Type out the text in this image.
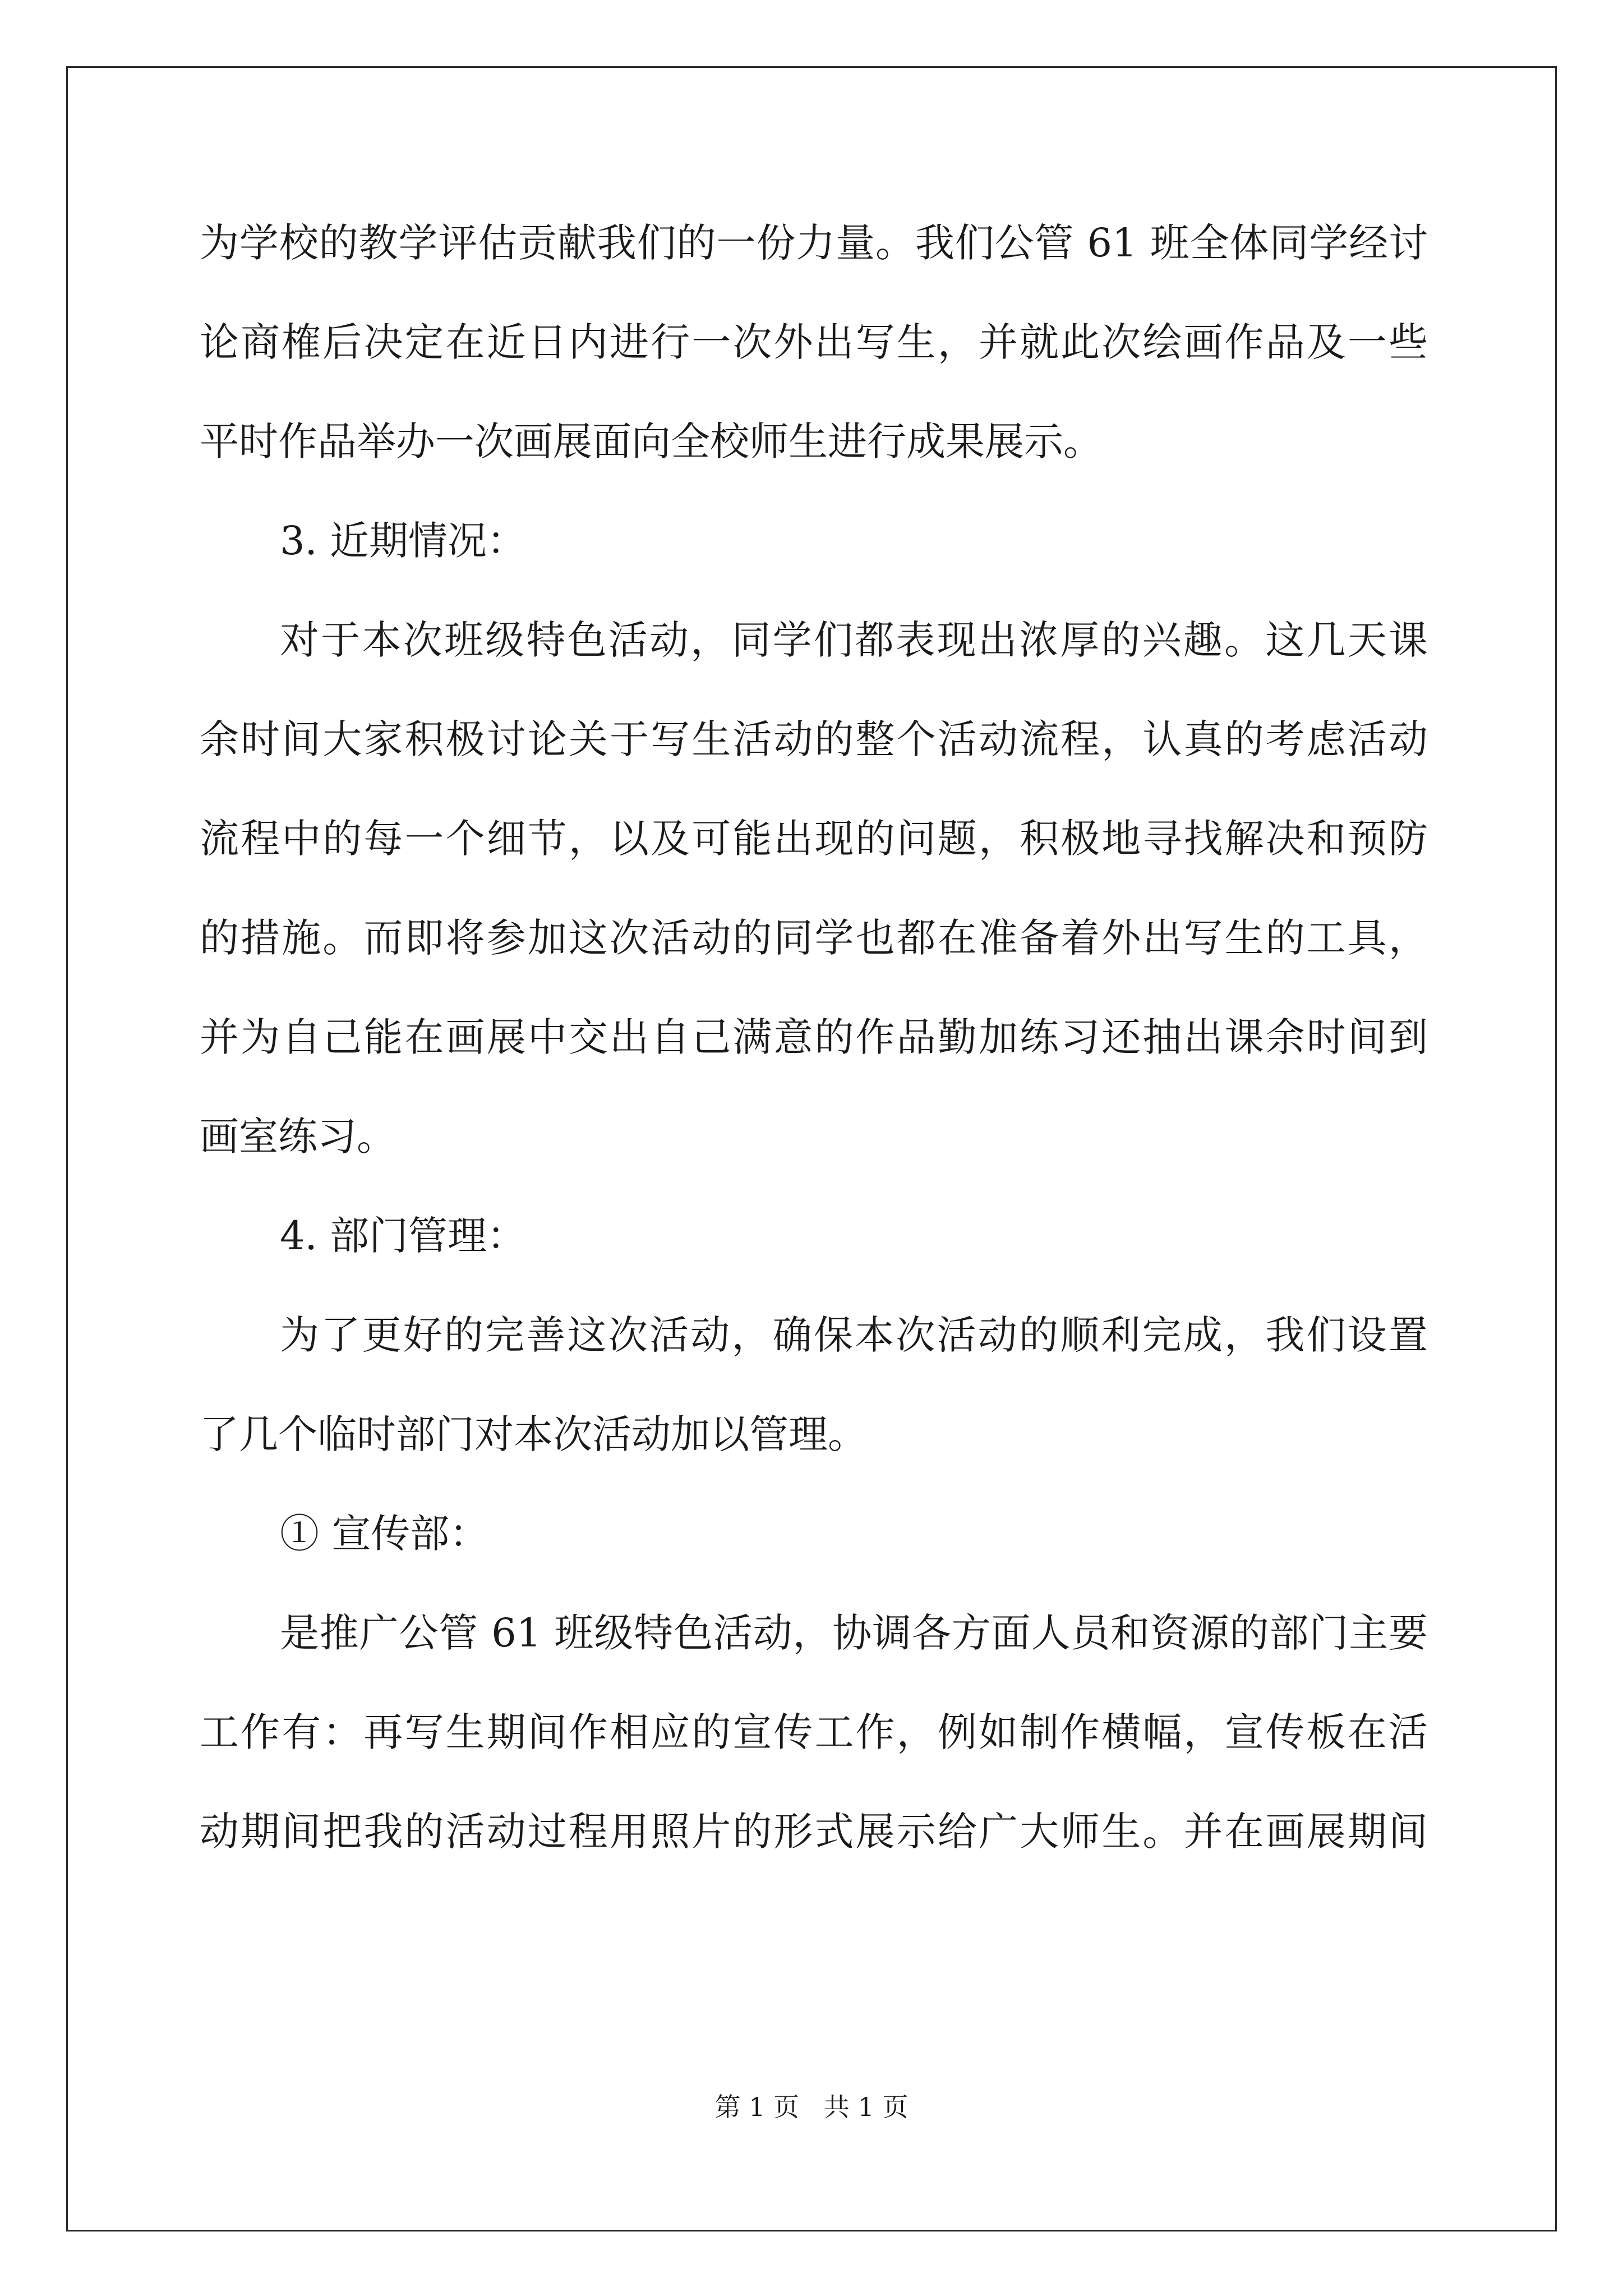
为学校的教学评估贡献我们的一份力量。我们公管 61 班全体同学经讨
论商榷后决定在近日内进行一次外出写生，并就此次绘画作品及一些
平时作品举办一次画展面向全校师生进行成果展示。
3. 近期情况：
对于本次班级特色活动，同学们都表现出浓厚的兴趣。这几天课
余时间大家积极讨论关于写生活动的整个活动流程，认真的考虑活动
流程中的每一个细节，以及可能出现的问题，积极地寻找解决和预防
的措施。而即将参加这次活动的同学也都在准备着外出写生的工具，
并为自己能在画展中交出自己满意的作品勤加练习还抽出课余时间到
画室练习。
4. 部门管理：
为了更好的完善这次活动，确保本次活动的顺利完成，我们设置
了几个临时部门对本次活动加以管理。
① 宣传部：
是推广公管 61 班级特色活动，协调各方面人员和资源的部门主要
工作有：再写生期间作相应的宣传工作，例如制作横幅，宣传板在活
动期间把我的活动过程用照片的形式展示给广大师生。并在画展期间
第 1 页   共 1 页
